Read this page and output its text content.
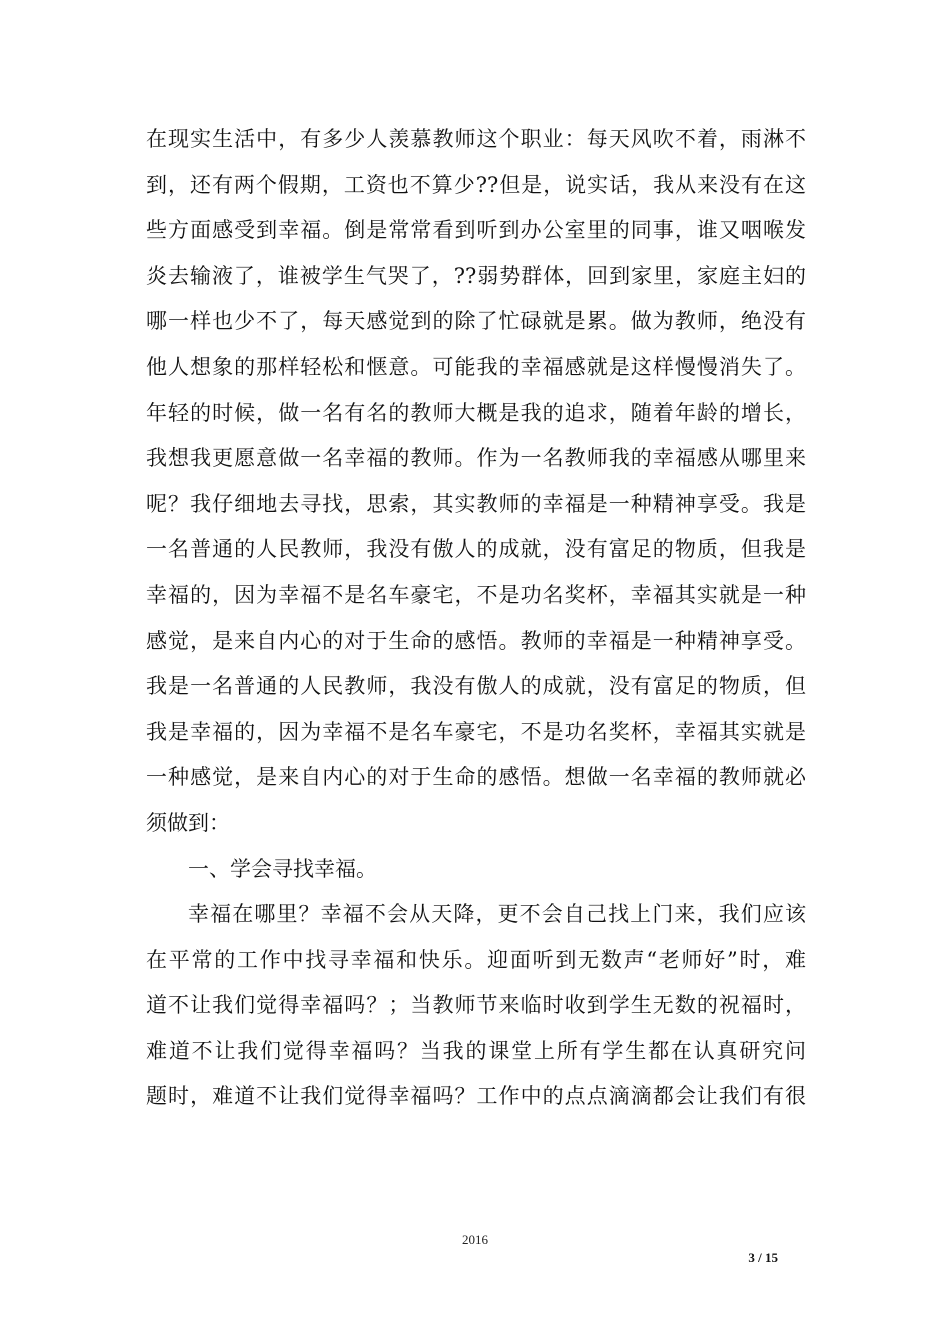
在现实生活中，有多少人羡慕教师这个职业：每天风吹不着，雨淋不
到，还有两个假期，工资也不算少??但是，说实话，我从来没有在这
些方面感受到幸福。倒是常常看到听到办公室里的同事，谁又咽喉发
炎去输液了，谁被学生气哭了，??弱势群体，回到家里，家庭主妇的
哪一样也少不了，每天感觉到的除了忙碌就是累。做为教师，绝没有
他人想象的那样轻松和惬意。可能我的幸福感就是这样慢慢消失了。
年轻的时候，做一名有名的教师大概是我的追求，随着年龄的增长，
我想我更愿意做一名幸福的教师。作为一名教师我的幸福感从哪里来
呢？我仔细地去寻找，思索，其实教师的幸福是一种精神享受。我是
一名普通的人民教师，我没有傲人的成就，没有富足的物质，但我是
幸福的，因为幸福不是名车豪宅，不是功名奖杯，幸福其实就是一种
感觉，是来自内心的对于生命的感悟。教师的幸福是一种精神享受。
我是一名普通的人民教师，我没有傲人的成就，没有富足的物质，但
我是幸福的，因为幸福不是名车豪宅，不是功名奖杯，幸福其实就是
一种感觉，是来自内心的对于生命的感悟。想做一名幸福的教师就必
须做到：
一、学会寻找幸福。
幸福在哪里？幸福不会从天降，更不会自己找上门来，我们应该
在平常的工作中找寻幸福和快乐。迎面听到无数声“老师好”时，难
道不让我们觉得幸福吗？；当教师节来临时收到学生无数的祝福时，
难道不让我们觉得幸福吗？当我的课堂上所有学生都在认真研究问
题时，难道不让我们觉得幸福吗？工作中的点点滴滴都会让我们有很
2016
3 / 15
